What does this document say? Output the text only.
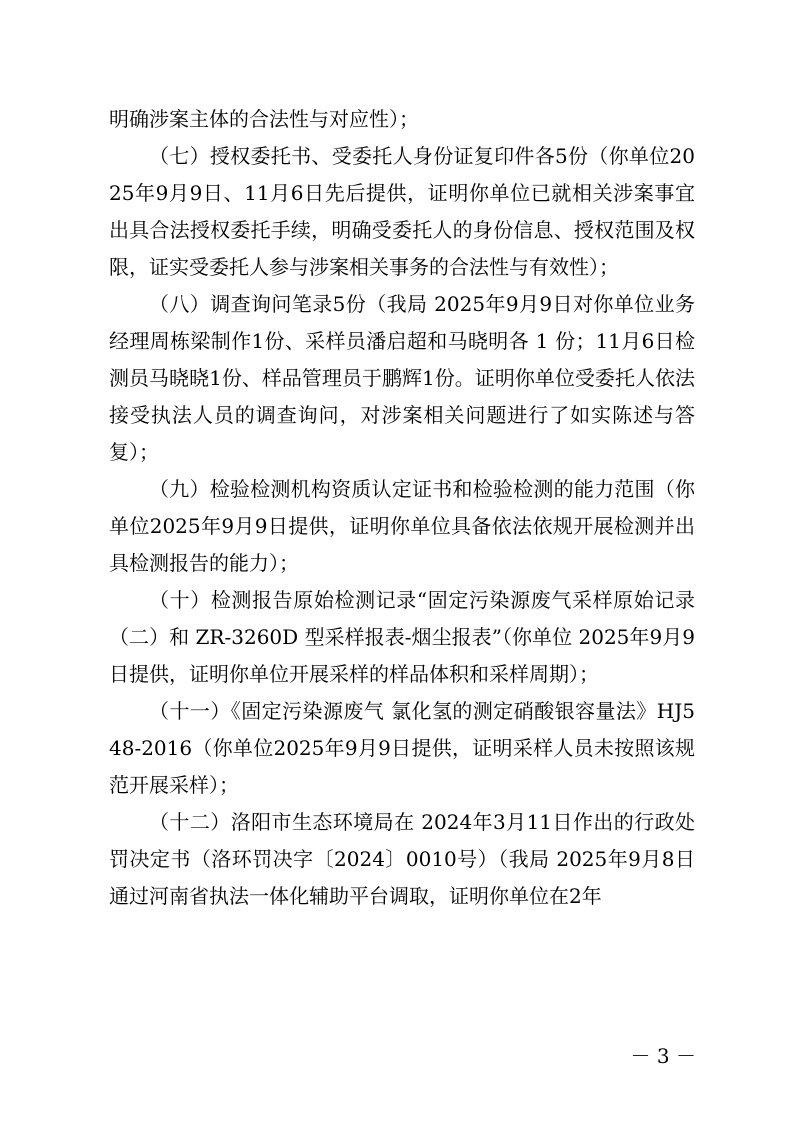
明确涉案主体的合法性与对应性）；

（七）授权委托书、受委托人身份证复印件各5份（你单位2025年9月9日、11月6日先后提供，证明你单位已就相关涉案事宜出具合法授权委托手续，明确受委托人的身份信息、授权范围及权限，证实受委托人参与涉案相关事务的合法性与有效性）；

（八）调查询问笔录5份（我局 2025年9月9日对你单位业务经理周栋梁制作1份、采样员潘启超和马晓明各 1 份；11月6日检测员马晓晓1份、样品管理员于鹏辉1份。证明你单位受委托人依法接受执法人员的调查询问，对涉案相关问题进行了如实陈述与答复）；

（九）检验检测机构资质认定证书和检验检测的能力范围（你单位2025年9月9日提供，证明你单位具备依法依规开展检测并出具检测报告的能力）；

（十）检测报告原始检测记录“固定污染源废气采样原始记录（二）和 ZR-3260D 型采样报表-烟尘报表”（你单位 2025年9月9日提供，证明你单位开展采样的样品体积和采样周期）；

（十一）《固定污染源废气 氯化氢的测定硝酸银容量法》HJ548-2016（你单位2025年9月9日提供，证明采样人员未按照该规范开展采样）；

（十二）洛阳市生态环境局在 2024年3月11日作出的行政处罚决定书（洛环罚决字〔2024〕0010号）（我局 2025年9月8日通过河南省执法一体化辅助平台调取，证明你单位在2年

－ 3 －
